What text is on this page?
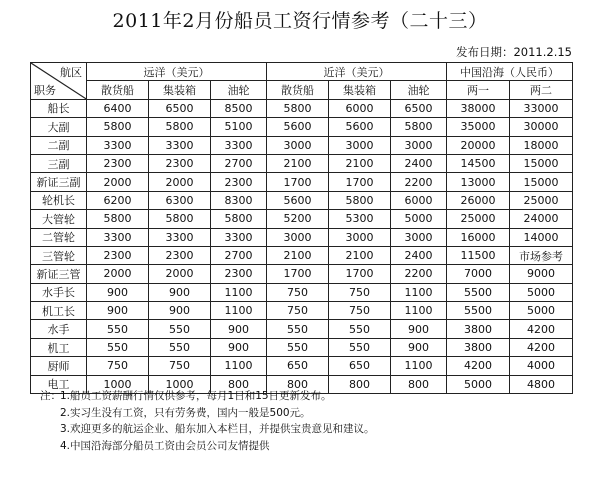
2011年2月份船员工资行情参考（二十三）
发布日期：2011.2.15
航区
职务	远洋（美元）			近洋（美元）			中国沿海（人民币）	
	散货船	集装箱	油轮	散货船	集装箱	油轮	两一	两二
船长	6400	6500	8500	5800	6000	6500	38000	33000
大副	5800	5800	5100	5600	5600	5800	35000	30000
二副	3300	3300	3300	3000	3000	3000	20000	18000
三副	2300	2300	2700	2100	2100	2400	14500	15000
新证三副	2000	2000	2300	1700	1700	2200	13000	15000
轮机长	6200	6300	8300	5600	5800	6000	26000	25000
大管轮	5800	5800	5800	5200	5300	5000	25000	24000
二管轮	3300	3300	3300	3000	3000	3000	16000	14000
三管轮	2300	2300	2700	2100	2100	2400	11500	市场参考
新证三管	2000	2000	2300	1700	1700	2200	7000	9000
水手长	900	900	1100	750	750	1100	5500	5000
机工长	900	900	1100	750	750	1100	5500	5000
水手	550	550	900	550	550	900	3800	4200
机工	550	550	900	550	550	900	3800	4200
厨师	750	750	1100	650	650	1100	4200	4000
电工	1000	1000	800	800	800	800	5000	4800
注： 1.船员工资薪酬行情仅供参考，每月1日和15日更新发布。
2.实习生没有工资，只有劳务费，国内一般是500元。
3.欢迎更多的航运企业、船东加入本栏目，并提供宝贵意见和建议。
4.中国沿海部分船员工资由会员公司友情提供
